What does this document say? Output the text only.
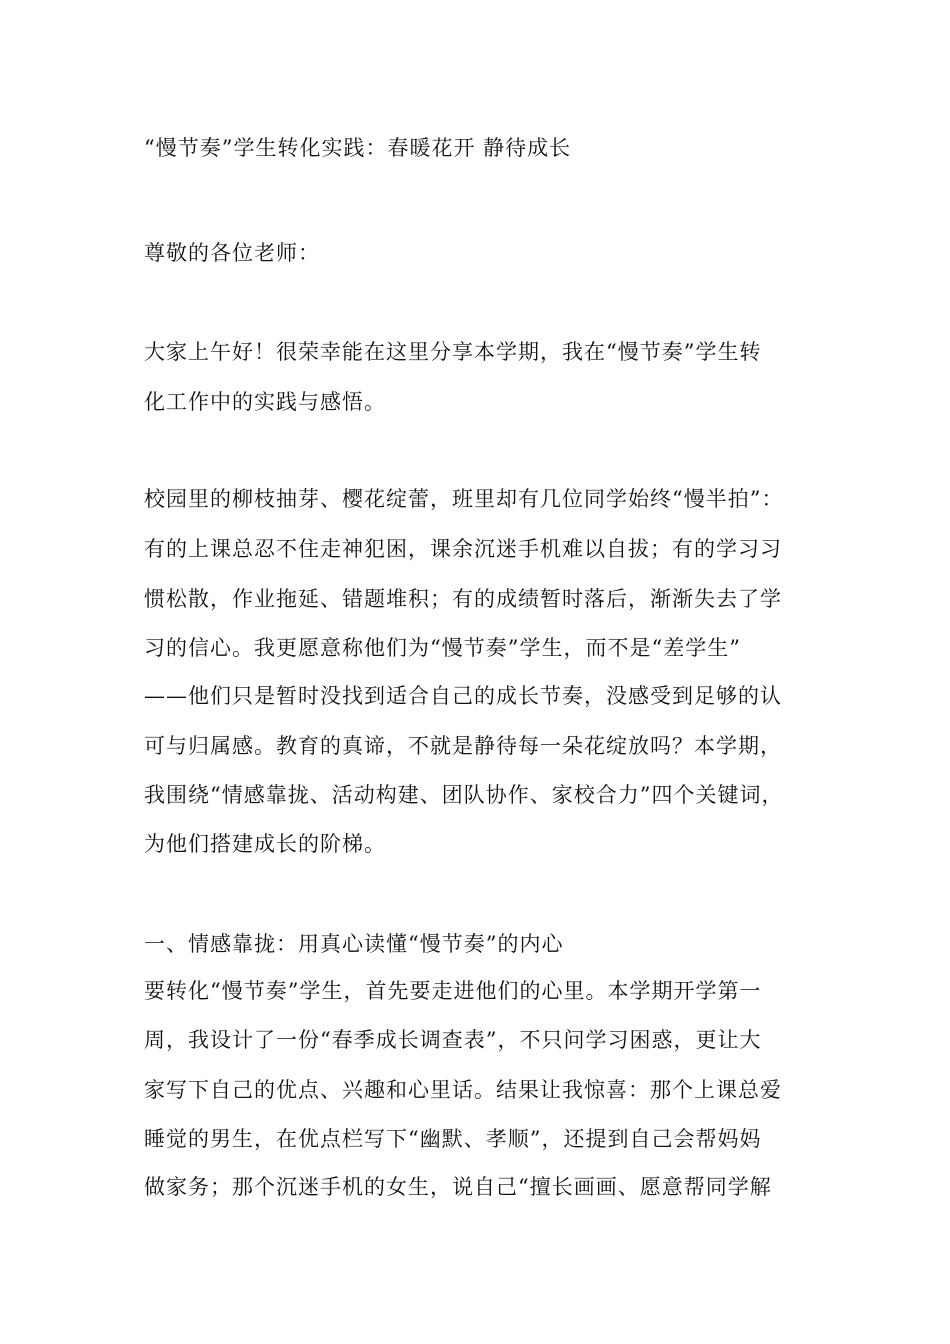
“慢节奏”学生转化实践：春暖花开 静待成长
尊敬的各位老师：
大家上午好！很荣幸能在这里分享本学期，我在“慢节奏”学生转
化工作中的实践与感悟。
校园里的柳枝抽芽、樱花绽蕾，班里却有几位同学始终“慢半拍”：
有的上课总忍不住走神犯困，课余沉迷手机难以自拔；有的学习习
惯松散，作业拖延、错题堆积；有的成绩暂时落后，渐渐失去了学
习的信心。我更愿意称他们为“慢节奏”学生，而不是“差学生”
——他们只是暂时没找到适合自己的成长节奏，没感受到足够的认
可与归属感。教育的真谛，不就是静待每一朵花绽放吗？本学期，
我围绕“情感靠拢、活动构建、团队协作、家校合力”四个关键词，
为他们搭建成长的阶梯。
一、情感靠拢：用真心读懂“慢节奏”的内心
要转化“慢节奏”学生，首先要走进他们的心里。本学期开学第一
周，我设计了一份“春季成长调查表”，不只问学习困惑，更让大
家写下自己的优点、兴趣和心里话。结果让我惊喜：那个上课总爱
睡觉的男生，在优点栏写下“幽默、孝顺”，还提到自己会帮妈妈
做家务；那个沉迷手机的女生，说自己“擅长画画、愿意帮同学解
